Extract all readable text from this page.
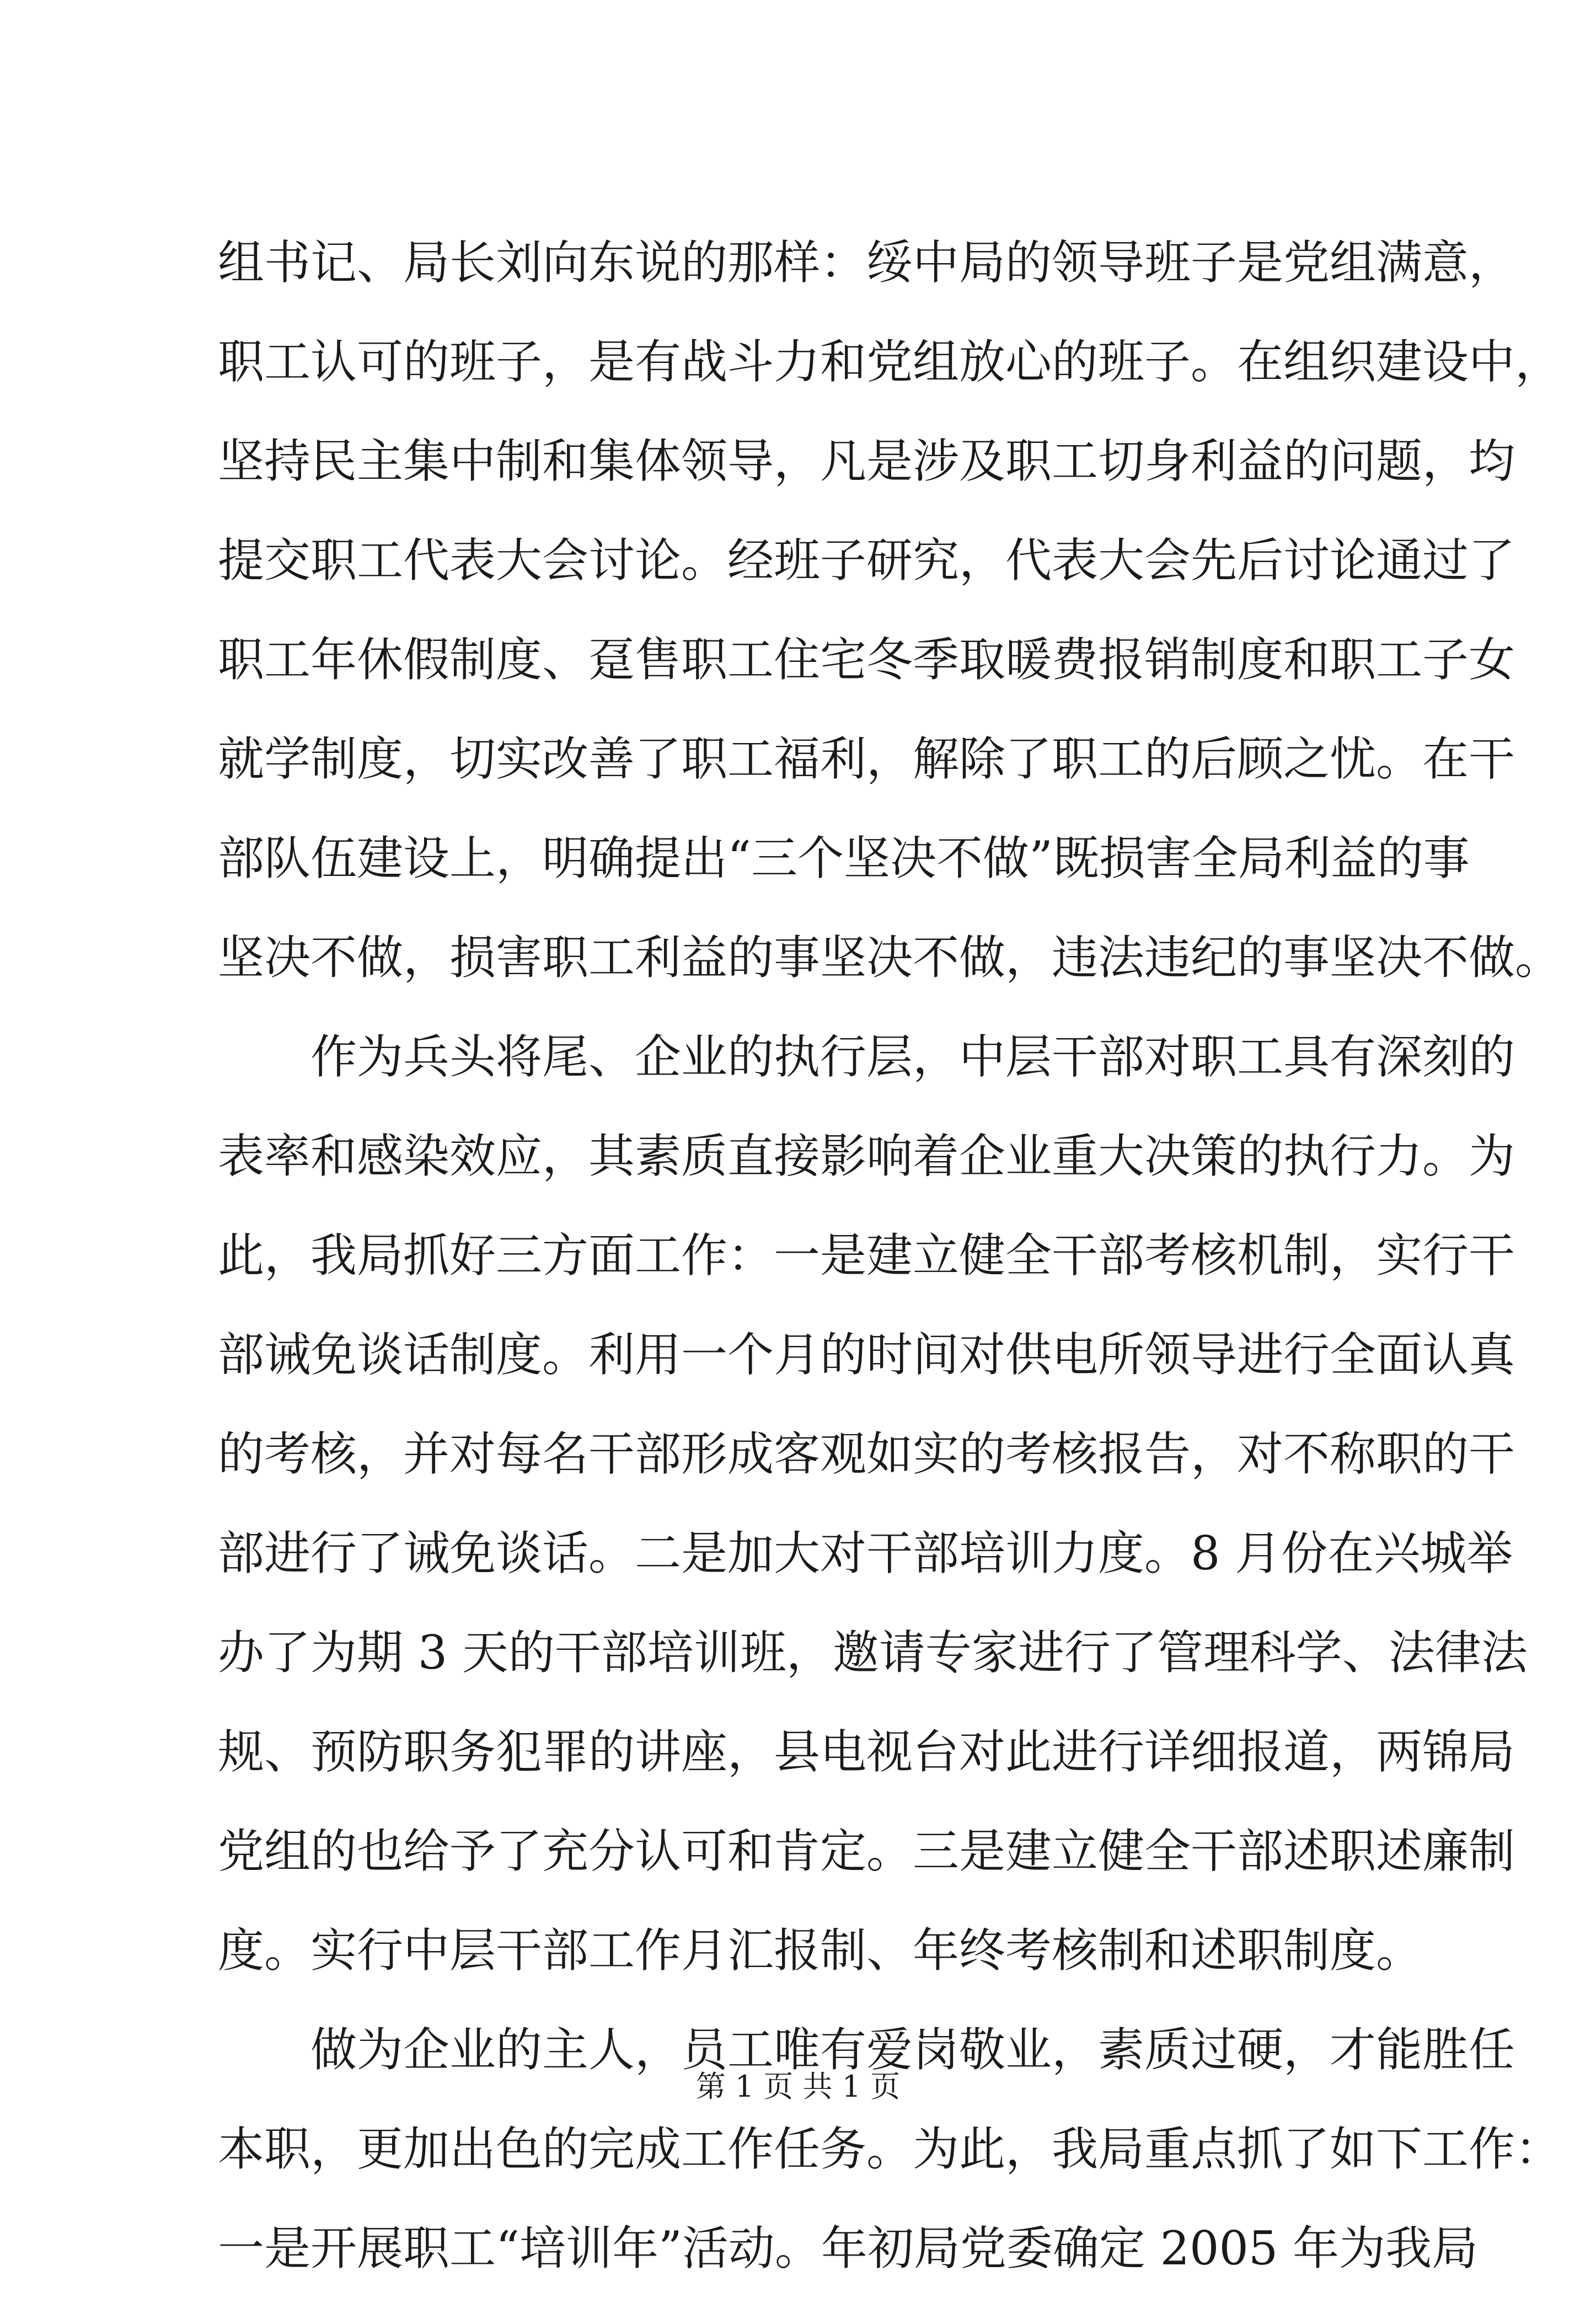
组书记、局长刘向东说的那样：绥中局的领导班子是党组满意，
职工认可的班子，是有战斗力和党组放心的班子。在组织建设中，
坚持民主集中制和集体领导，凡是涉及职工切身利益的问题，均
提交职工代表大会讨论。经班子研究，代表大会先后讨论通过了
职工年休假制度、趸售职工住宅冬季取暖费报销制度和职工子女
就学制度，切实改善了职工福利，解除了职工的后顾之忧。在干
部队伍建设上，明确提出“三个坚决不做”既损害全局利益的事
坚决不做，损害职工利益的事坚决不做，违法违纪的事坚决不做。
作为兵头将尾、企业的执行层，中层干部对职工具有深刻的
表率和感染效应，其素质直接影响着企业重大决策的执行力。为
此，我局抓好三方面工作：一是建立健全干部考核机制，实行干
部诫免谈话制度。利用一个月的时间对供电所领导进行全面认真
的考核，并对每名干部形成客观如实的考核报告，对不称职的干
部进行了诫免谈话。二是加大对干部培训力度。8 月份在兴城举
办了为期 3 天的干部培训班，邀请专家进行了管理科学、法律法
规、预防职务犯罪的讲座，县电视台对此进行详细报道，两锦局
党组的也给予了充分认可和肯定。三是建立健全干部述职述廉制
度。实行中层干部工作月汇报制、年终考核制和述职制度。
做为企业的主人，员工唯有爱岗敬业，素质过硬，才能胜任
本职，更加出色的完成工作任务。为此，我局重点抓了如下工作：
一是开展职工“培训年”活动。年初局党委确定 2005 年为我局
第 1 页 共 1 页
